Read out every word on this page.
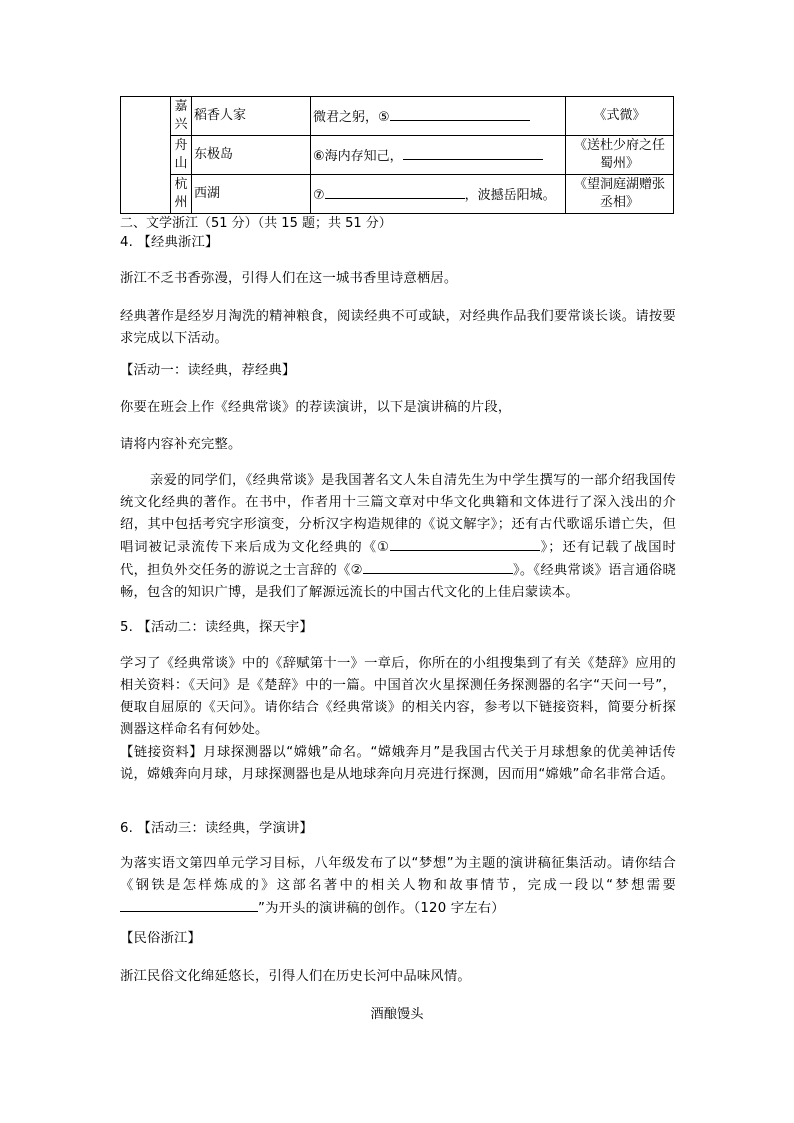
	嘉兴	稻香人家	微君之躬，⑤	《式微》
	舟山	东极岛	⑥海内存知己，	《送杜少府之任蜀州》
	杭州	西湖	⑦ ，波撼岳阳城。	《望洞庭湖赠张丞相》
二、文学浙江（51 分）（共 15 题；共 51 分）
4. 【经典浙江】
浙江不乏书香弥漫，引得人们在这一城书香里诗意栖居。
经典著作是经岁月淘洗的精神粮食，阅读经典不可或缺，对经典作品我们要常谈长谈。请按要求完成以下活动。
【活动一：读经典，荐经典】
你要在班会上作《经典常谈》的荐读演讲，以下是演讲稿的片段，
请将内容补充完整。
亲爱的同学们，《经典常谈》是我国著名文人朱自清先生为中学生撰写的一部介绍我国传统文化经典的著作。在书中，作者用十三篇文章对中华文化典籍和文体进行了深入浅出的介绍，其中包括考究字形演变，分析汉字构造规律的《说文解字》；还有古代歌谣乐谱亡失，但唱词被记录流传下来后成为文化经典的《①	》；还有记载了战国时代，担负外交任务的游说之士言辞的《②	》。《经典常谈》语言通俗晓畅，包含的知识广博，是我们了解源远流长的中国古代文化的上佳启蒙读本。
5. 【活动二：读经典，探天宇】
学习了《经典常谈》中的《辞赋第十一》一章后，你所在的小组搜集到了有关《楚辞》应用的相关资料：《天问》是《楚辞》中的一篇。中国首次火星探测任务探测器的名字“天问一号”，便取自屈原的《天问》。请你结合《经典常谈》的相关内容，参考以下链接资料，简要分析探测器这样命名有何妙处。
【链接资料】月球探测器以“嫦娥”命名。“嫦娥奔月”是我国古代关于月球想象的优美神话传说，嫦娥奔向月球，月球探测器也是从地球奔向月亮进行探测，因而用“嫦娥”命名非常合适。
6. 【活动三：读经典，学演讲】
为落实语文第四单元学习目标，八年级发布了以“梦想”为主题的演讲稿征集活动。请你结合《钢铁是怎样炼成的》这部名著中的相关人物和故事情节，完成一段以“梦想需要”为开头的演讲稿的创作。（120 字左右）
【民俗浙江】
浙江民俗文化绵延悠长，引得人们在历史长河中品味风情。
酒酿馒头
